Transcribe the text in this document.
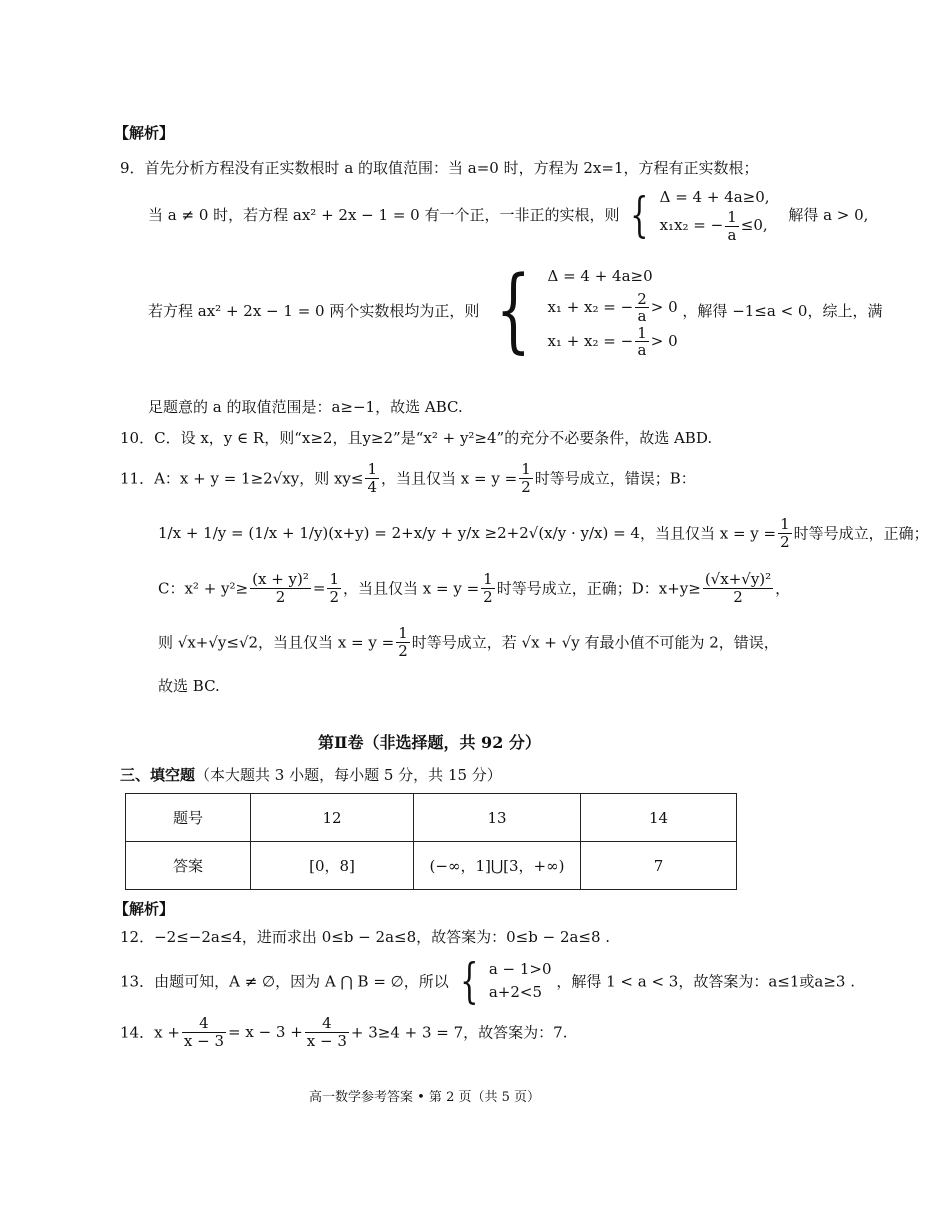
【解析】
9．首先分析方程没有正实数根时 a 的取值范围：当 a=0 时，方程为 2x=1，方程有正实数根；
当 a ≠ 0 时，若方程 ax² + 2x − 1 = 0 有一个正，一非正的实根，则 { Δ = 4 + 4a≥0,
x₁x₂ = − $\frac{1}{a} \le 0$,
解得 a > 0,
若方程 ax² + 2x − 1 = 0 两个实数根均为正，则 { Δ = 4 + 4a≥0
x₁ + x₂ = − $\frac{2}{a} > 0$
x₁ + x₂ = − $\frac{1}{a} > 0$
，解得 −1≤a < 0，综上，满
足题意的 a 的取值范围是：a≥−1，故选 ABC.
10．C．设 x，y ∈ R，则“x≥2，且y≥2”是“x² + y²≥4”的充分不必要条件，故选 ABD.
11．A：x + y = 1≥2√xy，则 $xy\le \frac{1}{4}$ ，当且仅当 $x = y = \frac{1}{2}$ 时等号成立，错误；B：
1/x + 1/y = (1/x + 1/y)(x+y) = 2+x/y + y/x ≥2+2√(x/y · y/x) = 4，当且仅当 $x = y = \frac{1}{2}$ 时等号成立，正确；
C：$x^2 + y^2\ge \frac{\text{(x + y)²}}{2} = \frac{1}{2}$ ，当且仅当 $x = y = \frac{1}{2}$ 时等号成立，正确；D：$x+y\ge \frac{\text{(√x+√y)²}}{2}$ ，
则 √x+√y≤√2，当且仅当 $x = y = \frac{1}{2}$ 时等号成立，若 √x + √y 有最小值不可能为 2，错误，
故选 BC.
第Ⅱ卷（非选择题，共 92 分）
三、填空题（本大题共 3 小题，每小题 5 分，共 15 分）
题号	12	13	14
答案	[0，8]	(−∞，1]⋃[3，+∞)	7
【解析】
12．−2≤−2a≤4，进而求出 0≤b − 2a≤8，故答案为：0≤b − 2a≤8 .
13．由题可知，A ≠ ∅，因为 A ⋂ B = ∅，所以 { a − 1>0
a+2<5
，解得 1 < a < 3，故答案为：a≤1或a≥3 .
14．$x + \frac{4}{x - 3} = x - 3 + \frac{4}{x - 3} + 3\ge 4 + 3 = 7$，故答案为：7.
高一数学参考答案 • 第 2 页（共 5 页）
